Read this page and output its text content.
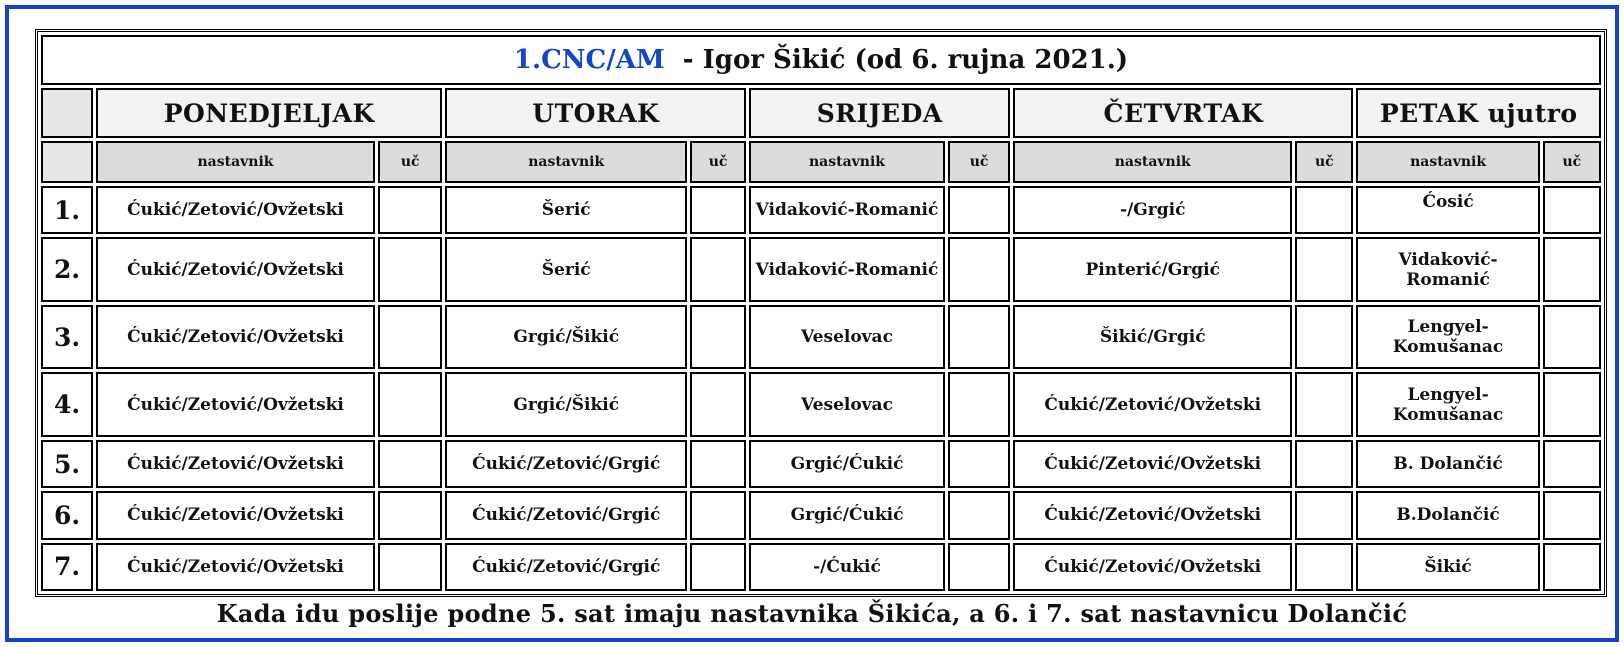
1.CNC/AM  - Igor Šikić (od 6. rujna 2021.)										
	PONEDJELJAK		UTORAK		SRIJEDA		ČETVRTAK		PETAK ujutro	
	nastavnik	uč	nastavnik	uč	nastavnik	uč	nastavnik	uč	nastavnik	uč
1.	Ćukić/Zetović/Ovžetski		Šerić		Vidaković-Romanić		-/Grgić		Ćosić	
2.	Ćukić/Zetović/Ovžetski		Šerić		Vidaković-Romanić		Pinterić/Grgić		Vidaković-Romanić	
3.	Ćukić/Zetović/Ovžetski		Grgić/Šikić		Veselovac		Šikić/Grgić		Lengyel-Komušanac	
4.	Ćukić/Zetović/Ovžetski		Grgić/Šikić		Veselovac		Ćukić/Zetović/Ovžetski		Lengyel-Komušanac	
5.	Ćukić/Zetović/Ovžetski		Ćukić/Zetović/Grgić		Grgić/Ćukić		Ćukić/Zetović/Ovžetski		B. Dolančić	
6.	Ćukić/Zetović/Ovžetski		Ćukić/Zetović/Grgić		Grgić/Ćukić		Ćukić/Zetović/Ovžetski		B.Dolančić	
7.	Ćukić/Zetović/Ovžetski		Ćukić/Zetović/Grgić		-/Ćukić		Ćukić/Zetović/Ovžetski		Šikić	
Kada idu poslije podne 5. sat imaju nastavnika Šikića, a 6. i 7. sat nastavnicu Dolančić
